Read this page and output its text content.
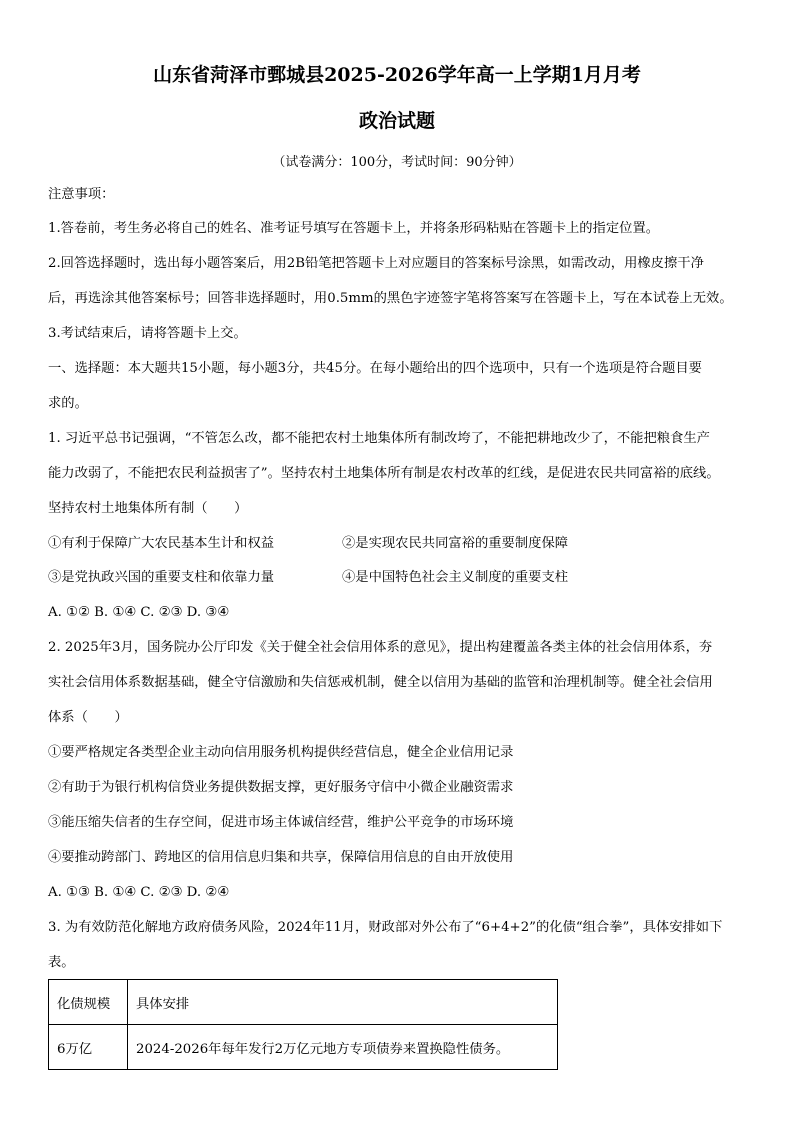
山东省菏泽市鄄城县2025-2026学年高一上学期1月月考
政治试题
（试卷满分：100分，考试时间：90分钟）
注意事项：
1.答卷前，考生务必将自己的姓名、准考证号填写在答题卡上，并将条形码粘贴在答题卡上的指定位置。
2.回答选择题时，选出每小题答案后，用2B铅笔把答题卡上对应题目的答案标号涂黑，如需改动，用橡皮擦干净
后，再选涂其他答案标号；回答非选择题时，用0.5mm的黑色字迹签字笔将答案写在答题卡上，写在本试卷上无效。
3.考试结束后，请将答题卡上交。
一、选择题：本大题共15小题，每小题3分，共45分。在每小题给出的四个选项中，只有一个选项是符合题目要
求的。
1. 习近平总书记强调，“不管怎么改，都不能把农村土地集体所有制改垮了，不能把耕地改少了，不能把粮食生产
能力改弱了，不能把农民利益损害了”。坚持农村土地集体所有制是农村改革的红线，是促进农民共同富裕的底线。
坚持农村土地集体所有制（　　）
①有利于保障广大农民基本生计和权益	②是实现农民共同富裕的重要制度保障
③是党执政兴国的重要支柱和依靠力量	④是中国特色社会主义制度的重要支柱
A. ①② B. ①④ C. ②③ D. ③④
2. 2025年3月，国务院办公厅印发《关于健全社会信用体系的意见》，提出构建覆盖各类主体的社会信用体系，夯
实社会信用体系数据基础，健全守信激励和失信惩戒机制，健全以信用为基础的监管和治理机制等。健全社会信用
体系（　　）
①要严格规定各类型企业主动向信用服务机构提供经营信息，健全企业信用记录
②有助于为银行机构信贷业务提供数据支撑，更好服务守信中小微企业融资需求
③能压缩失信者的生存空间，促进市场主体诚信经营，维护公平竞争的市场环境
④要推动跨部门、跨地区的信用信息归集和共享，保障信用信息的自由开放使用
A. ①③ B. ①④ C. ②③ D. ②④
3. 为有效防范化解地方政府债务风险，2024年11月，财政部对外公布了“6+4+2”的化债“组合拳”，具体安排如下
表。
化债规模	具体安排
6万亿	2024-2026年每年发行2万亿元地方专项债券来置换隐性债务。
